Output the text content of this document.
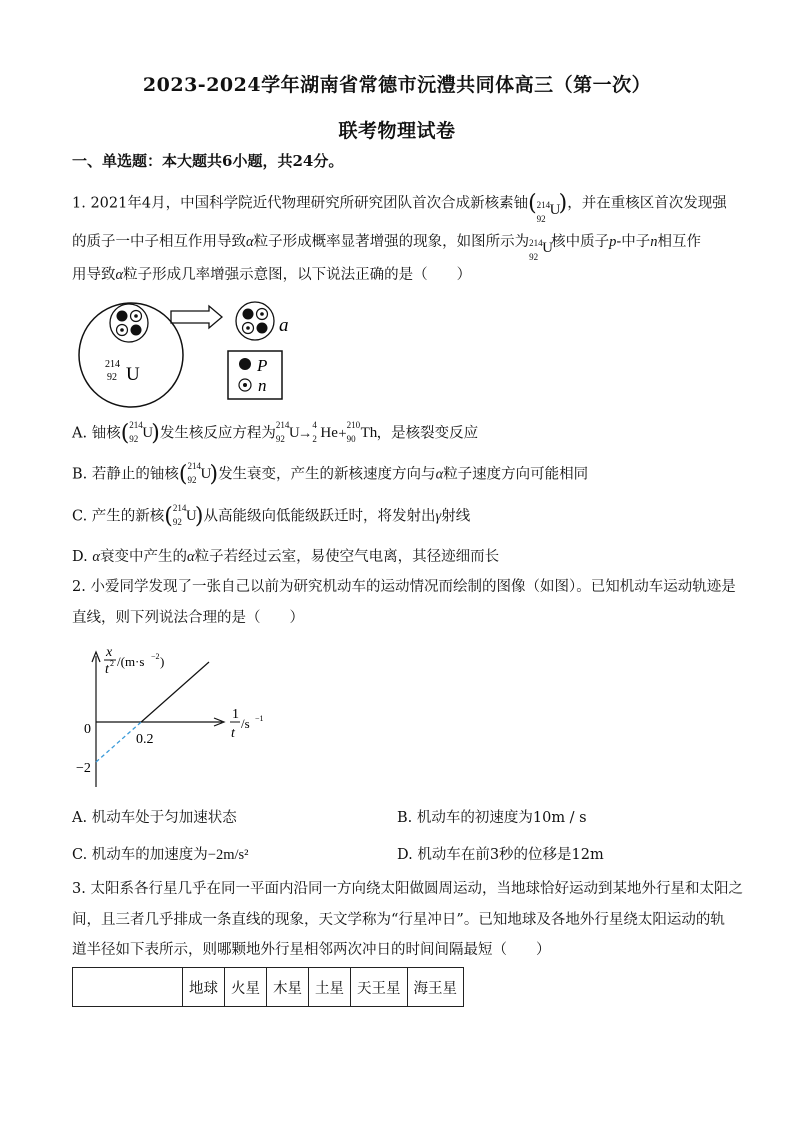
2023-2024学年湖南省常德市沅澧共同体高三（第一次）
联考物理试卷
一、单选题：本大题共6小题，共24分。
1. 2021年4月，中国科学院近代物理研究所研究团队首次合成新核素铀( 214
92
U
)，并在重核区首次发现强
的质子一中子相互作用导致α粒子形成概率显著增强的现象，如图所示为 214
92
U
核中质子p-中子n相互作
用导致α粒子形成几率增强示意图，以下说法正确的是（　　）
214
92 U
a
P
n
A. 铀核( 214
92 U
)发生核反应方程为
214
92 U
→
4
2 He +
210
90 Th ，是核裂变反应
B. 若静止的铀核( 214
92 U
)发生衰变，产生的新核速度方向与α粒子速度方向可能相同
C. 产生的新核( 214
92 U
)从高能级向低能级跃迁时，将发射出γ射线
D. α衰变中产生的α粒子若经过云室，易使空气电离，其径迹细而长
2. 小爱同学发现了一张自己以前为研究机动车的运动情况而绘制的图像（如图）。已知机动车运动轨迹是
直线，则下列说法合理的是（　　）
x
t 2 /(m·s −2 )
1
t
/s −1
0
0.2
−2
A. 机动车处于匀加速状态	B. 机动车的初速度为10m / s
C. 机动车的加速度为−2m/s²	D. 机动车在前3秒的位移是12m
3. 太阳系各行星几乎在同一平面内沿同一方向绕太阳做圆周运动，当地球恰好运动到某地外行星和太阳之
间，且三者几乎排成一条直线的现象，天文学称为“行星冲日”。已知地球及各地外行星绕太阳运动的轨
道半径如下表所示，则哪颗地外行星相邻两次冲日的时间间隔最短（　　）
	地球	火星	木星	土星	天王星	海王星
